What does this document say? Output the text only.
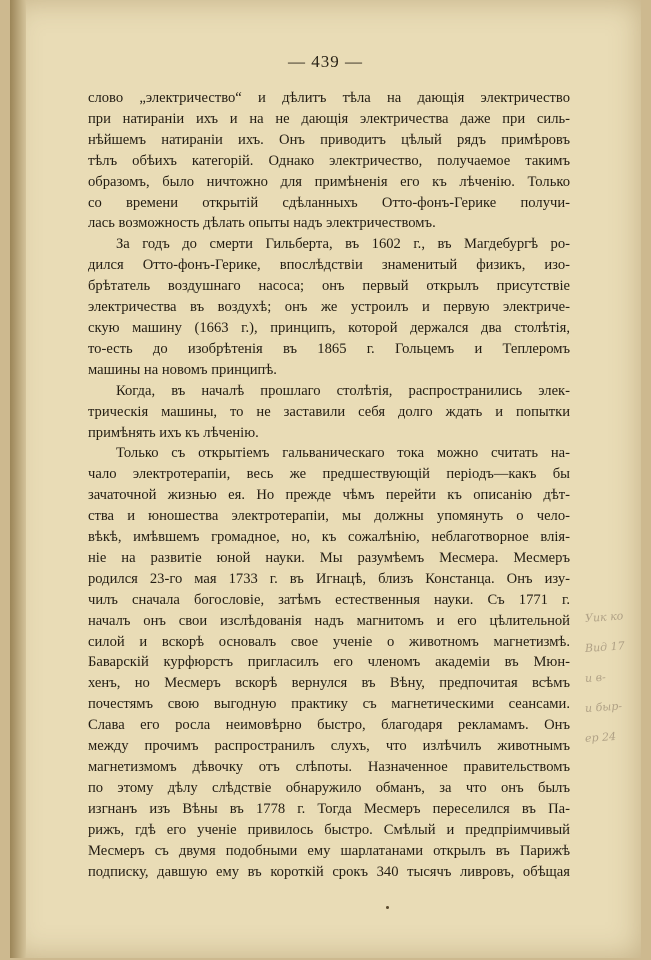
— 439 —
слово „электричество“ и дѣлитъ тѣла на дающія электричество
при натираніи ихъ и на не дающія электричества даже при силь-
нѣйшемъ натираніи ихъ. Онъ приводитъ цѣлый рядъ примѣровъ
тѣлъ обѣихъ категорій. Однако электричество, получаемое такимъ
образомъ, было ничтожно для примѣненія его къ лѣченію. Только
со времени открытій сдѣланныхъ Отто-фонъ-Герике получи-
лась возможность дѣлать опыты надъ электричествомъ.
За годъ до смерти Гильберта, въ 1602 г., въ Магдебургѣ ро-
дился Отто-фонъ-Герике, впослѣдствіи знаменитый физикъ, изо-
брѣтатель воздушнаго насоса; онъ первый открылъ присутствіе
электричества въ воздухѣ; онъ же устроилъ и первую электриче-
скую машину (1663 г.), принципъ, которой держался два столѣтія,
то-есть до изобрѣтенія въ 1865 г. Гольцемъ и Теплеромъ
машины на новомъ принципѣ.
Когда, въ началѣ прошлаго столѣтія, распространились элек-
трическія машины, то не заставили себя долго ждать и попытки
примѣнять ихъ къ лѣченію.
Только съ открытіемъ гальваническаго тока можно считать на-
чало электротерапіи, весь же предшествующій періодъ—какъ бы
зачаточной жизнью ея. Но прежде чѣмъ перейти къ описанію дѣт-
ства и юношества электротерапіи, мы должны упомянуть о чело-
вѣкѣ, имѣвшемъ громадное, но, къ сожалѣнію, неблаготворное влія-
ніе на развитіе юной науки. Мы разумѣемъ Месмера. Месмеръ
родился 23-го мая 1733 г. въ Игнацѣ, близъ Констанца. Онъ изу-
чилъ сначала богословіе, затѣмъ естественныя науки. Съ 1771 г.
началъ онъ свои изслѣдованія надъ магнитомъ и его цѣлительной
силой и вскорѣ основалъ свое ученіе о животномъ магнетизмѣ.
Баварскій курфюрстъ пригласилъ его членомъ академіи въ Мюн-
хенъ, но Месмеръ вскорѣ вернулся въ Вѣну, предпочитая всѣмъ
почестямъ свою выгодную практику съ магнетическими сеансами.
Слава его росла неимовѣрно быстро, благодаря рекламамъ. Онъ
между прочимъ распространилъ слухъ, что излѣчилъ животнымъ
магнетизмомъ дѣвочку отъ слѣпоты. Назначенное правительствомъ
по этому дѣлу слѣдствіе обнаружило обманъ, за что онъ былъ
изгнанъ изъ Вѣны въ 1778 г. Тогда Месмеръ переселился въ Па-
рижъ, гдѣ его ученіе привилось быстро. Смѣлый и предпріимчивый
Месмеръ съ двумя подобными ему шарлатанами открылъ въ Парижѣ
подписку, давшую ему въ короткій срокъ 340 тысячъ ливровъ, обѣщая
Уик ко
Вид 17
и в-
и быр-
ер 24
